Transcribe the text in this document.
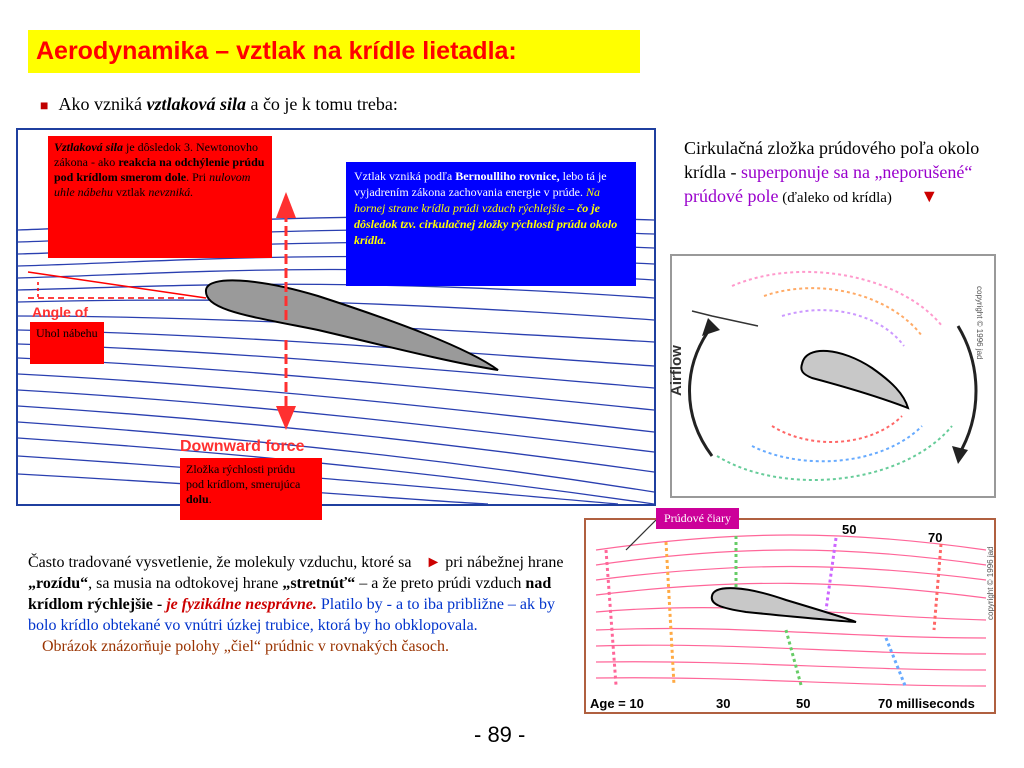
Aerodynamika – vztlak na krídle lietadla:
■ Ako vzniká vztlaková sila a čo je k tomu treba:
Vztlaková sila je dôsledok 3. Newtonovho zákona - ako reakcia na odchýlenie prúdu pod krídlom smerom dole. Pri nulovom uhle nábehu vztlak nevzniká.
Vztlak vzniká podľa Bernoulliho rovnice, lebo tá je vyjadrením zákona zachovania energie v prúde. Na hornej strane krídla prúdi vzduch rýchlejšie – čo je dôsledok tzv. cirkulačnej zložky rýchlosti prúdu okolo krídla.
Angle of
Uhol nábehu
Downward force
Zložka rýchlosti prúdu pod krídlom, smerujúca dolu.
Cirkulačná zložka prúdového poľa okolo krídla - superponuje sa na „neporušené“ prúdové pole (ďaleko od krídla) ▼
Airflow
copyright © 1996 jad
50
70
Age = 10	30	50	70 milliseconds
copyright © 1996 jad
Prúdové čiary
Často tradované vysvetlenie, že molekuly vzduchu, ktoré sa ► pri nábežnej hrane „rozídu“, sa musia na odtokovej hrane „stretnúť“ – a že preto prúdi vzduch nad krídlom rýchlejšie - je fyzikálne nesprávne. Platilo by - a to iba približne – ak by bolo krídlo obtekané vo vnútri úzkej trubice, ktorá by ho obklopovala.
Obrázok znázorňuje polohy „čiel“ prúdnic v rovnakých časoch.
- 89 -
